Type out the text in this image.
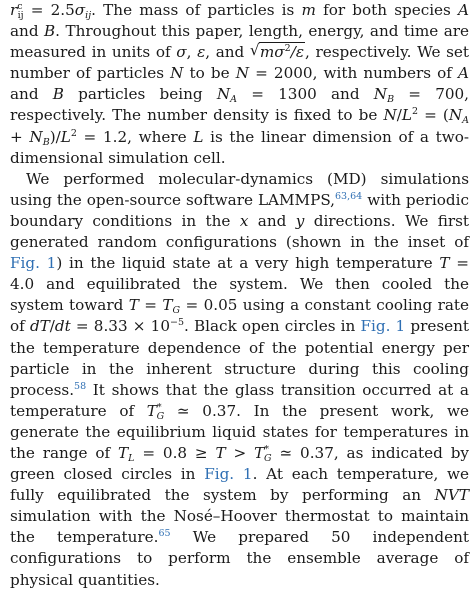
$r^c_{ij} = 2.5\sigma_{ij}$. The mass of particles is m for both species A and B. Throughout this paper, length, energy, and time are measured in units of σ, ε, and √ $m\sigma^2/\varepsilon$, respectively. We set number of particles N to be N = 2000, with numbers of A and B particles being $N_A = 1300$ and $N_B = 700$, respectively. The number density is fixed to be $N/L^2 = (N_A + N_B)/L^2 = 1.2$, where L is the linear dimension of a two-dimensional simulation cell.

We performed molecular-dynamics (MD) simulations using the open-source software LAMMPS,$^{63,64}$ with periodic boundary conditions in the x and y directions. We first generated random configurations (shown in the inset of Fig. 1) in the liquid state at a very high temperature T = 4.0 and equilibrated the system. We then cooled the system toward $T = T_G = 0.05$ using a constant cooling rate of $dT/dt = 8.33 \times 10^{-5}$. Black open circles in Fig. 1 present the temperature dependence of the potential energy per particle in the inherent structure during this cooling process.$^{58}$ It shows that the glass transition occurred at a temperature of $T^*_G$ ≃ 0.37. In the present work, we generate the equilibrium liquid states for temperatures in the range of $T_L = 0.8 \ge T > T^*_G$ ≃ 0.37, as indicated by green closed circles in Fig. 1. At each temperature, we fully equilibrated the system by performing an NVT simulation with the Nosé–Hoover thermostat to maintain the temperature.$^{65}$ We prepared 50 independent configurations to perform the ensemble average of physical quantities.
